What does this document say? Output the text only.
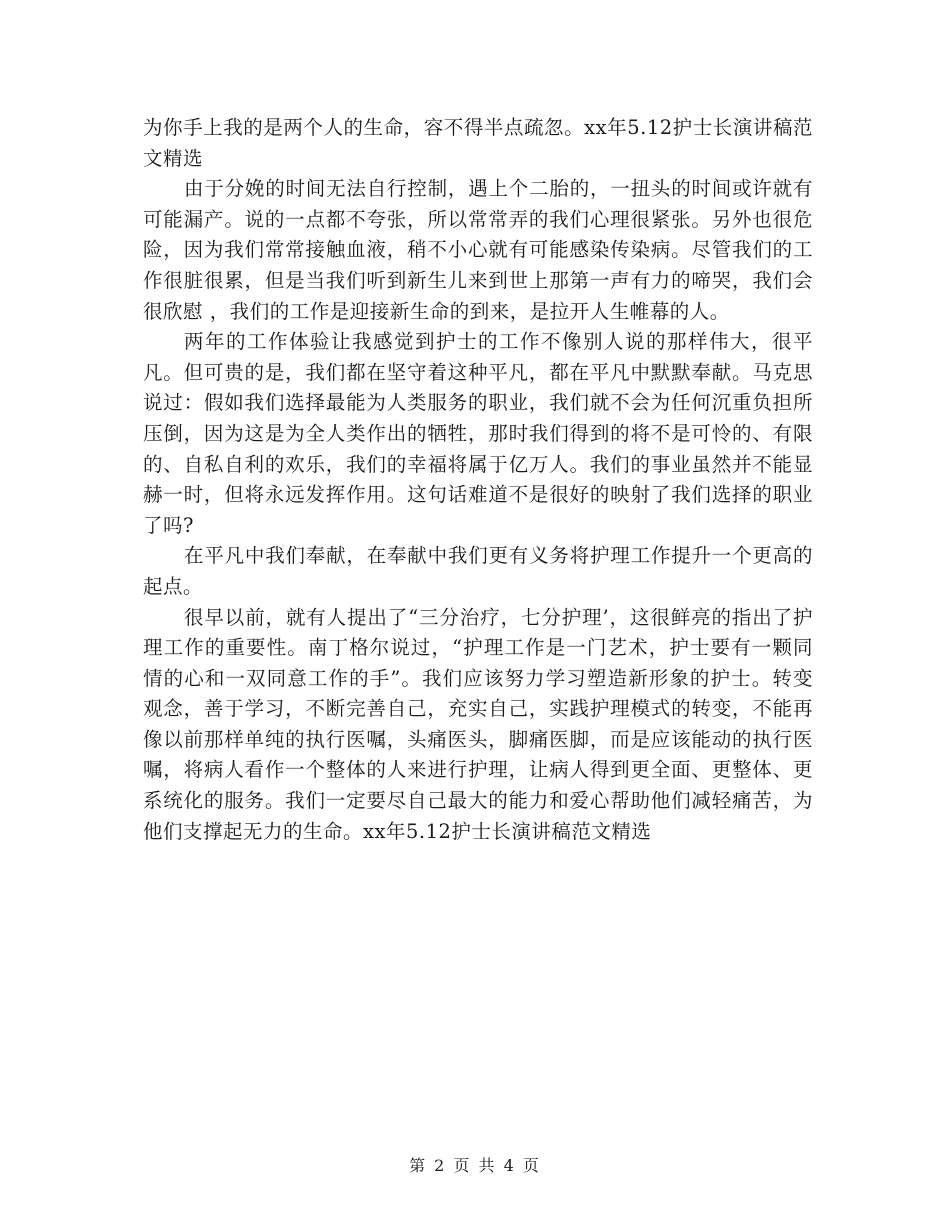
为你手上我的是两个人的生命，容不得半点疏忽。xx年5.12护士长演讲稿范文精选

由于分娩的时间无法自行控制，遇上个二胎的，一扭头的时间或许就有可能漏产。说的一点都不夸张，所以常常弄的我们心理很紧张。另外也很危险，因为我们常常接触血液，稍不小心就有可能感染传染病。尽管我们的工作很脏很累，但是当我们听到新生儿来到世上那第一声有力的啼哭，我们会很欣慰 ，我们的工作是迎接新生命的到来，是拉开人生帷幕的人。

两年的工作体验让我感觉到护士的工作不像别人说的那样伟大，很平凡。但可贵的是，我们都在坚守着这种平凡，都在平凡中默默奉献。马克思说过：假如我们选择最能为人类服务的职业，我们就不会为任何沉重负担所压倒，因为这是为全人类作出的牺牲，那时我们得到的将不是可怜的、有限的、自私自利的欢乐，我们的幸福将属于亿万人。我们的事业虽然并不能显赫一时，但将永远发挥作用。这句话难道不是很好的映射了我们选择的职业了吗?

在平凡中我们奉献，在奉献中我们更有义务将护理工作提升一个更高的起点。

很早以前，就有人提出了“三分治疗，七分护理’，这很鲜亮的指出了护理工作的重要性。南丁格尔说过，“护理工作是一门艺术，护士要有一颗同情的心和一双同意工作的手”。我们应该努力学习塑造新形象的护士。转变观念，善于学习，不断完善自己，充实自己，实践护理模式的转变，不能再像以前那样单纯的执行医嘱，头痛医头，脚痛医脚，而是应该能动的执行医嘱，将病人看作一个整体的人来进行护理，让病人得到更全面、更整体、更系统化的服务。我们一定要尽自己最大的能力和爱心帮助他们减轻痛苦，为他们支撑起无力的生命。xx年5.12护士长演讲稿范文精选

第 2 页 共 4 页
